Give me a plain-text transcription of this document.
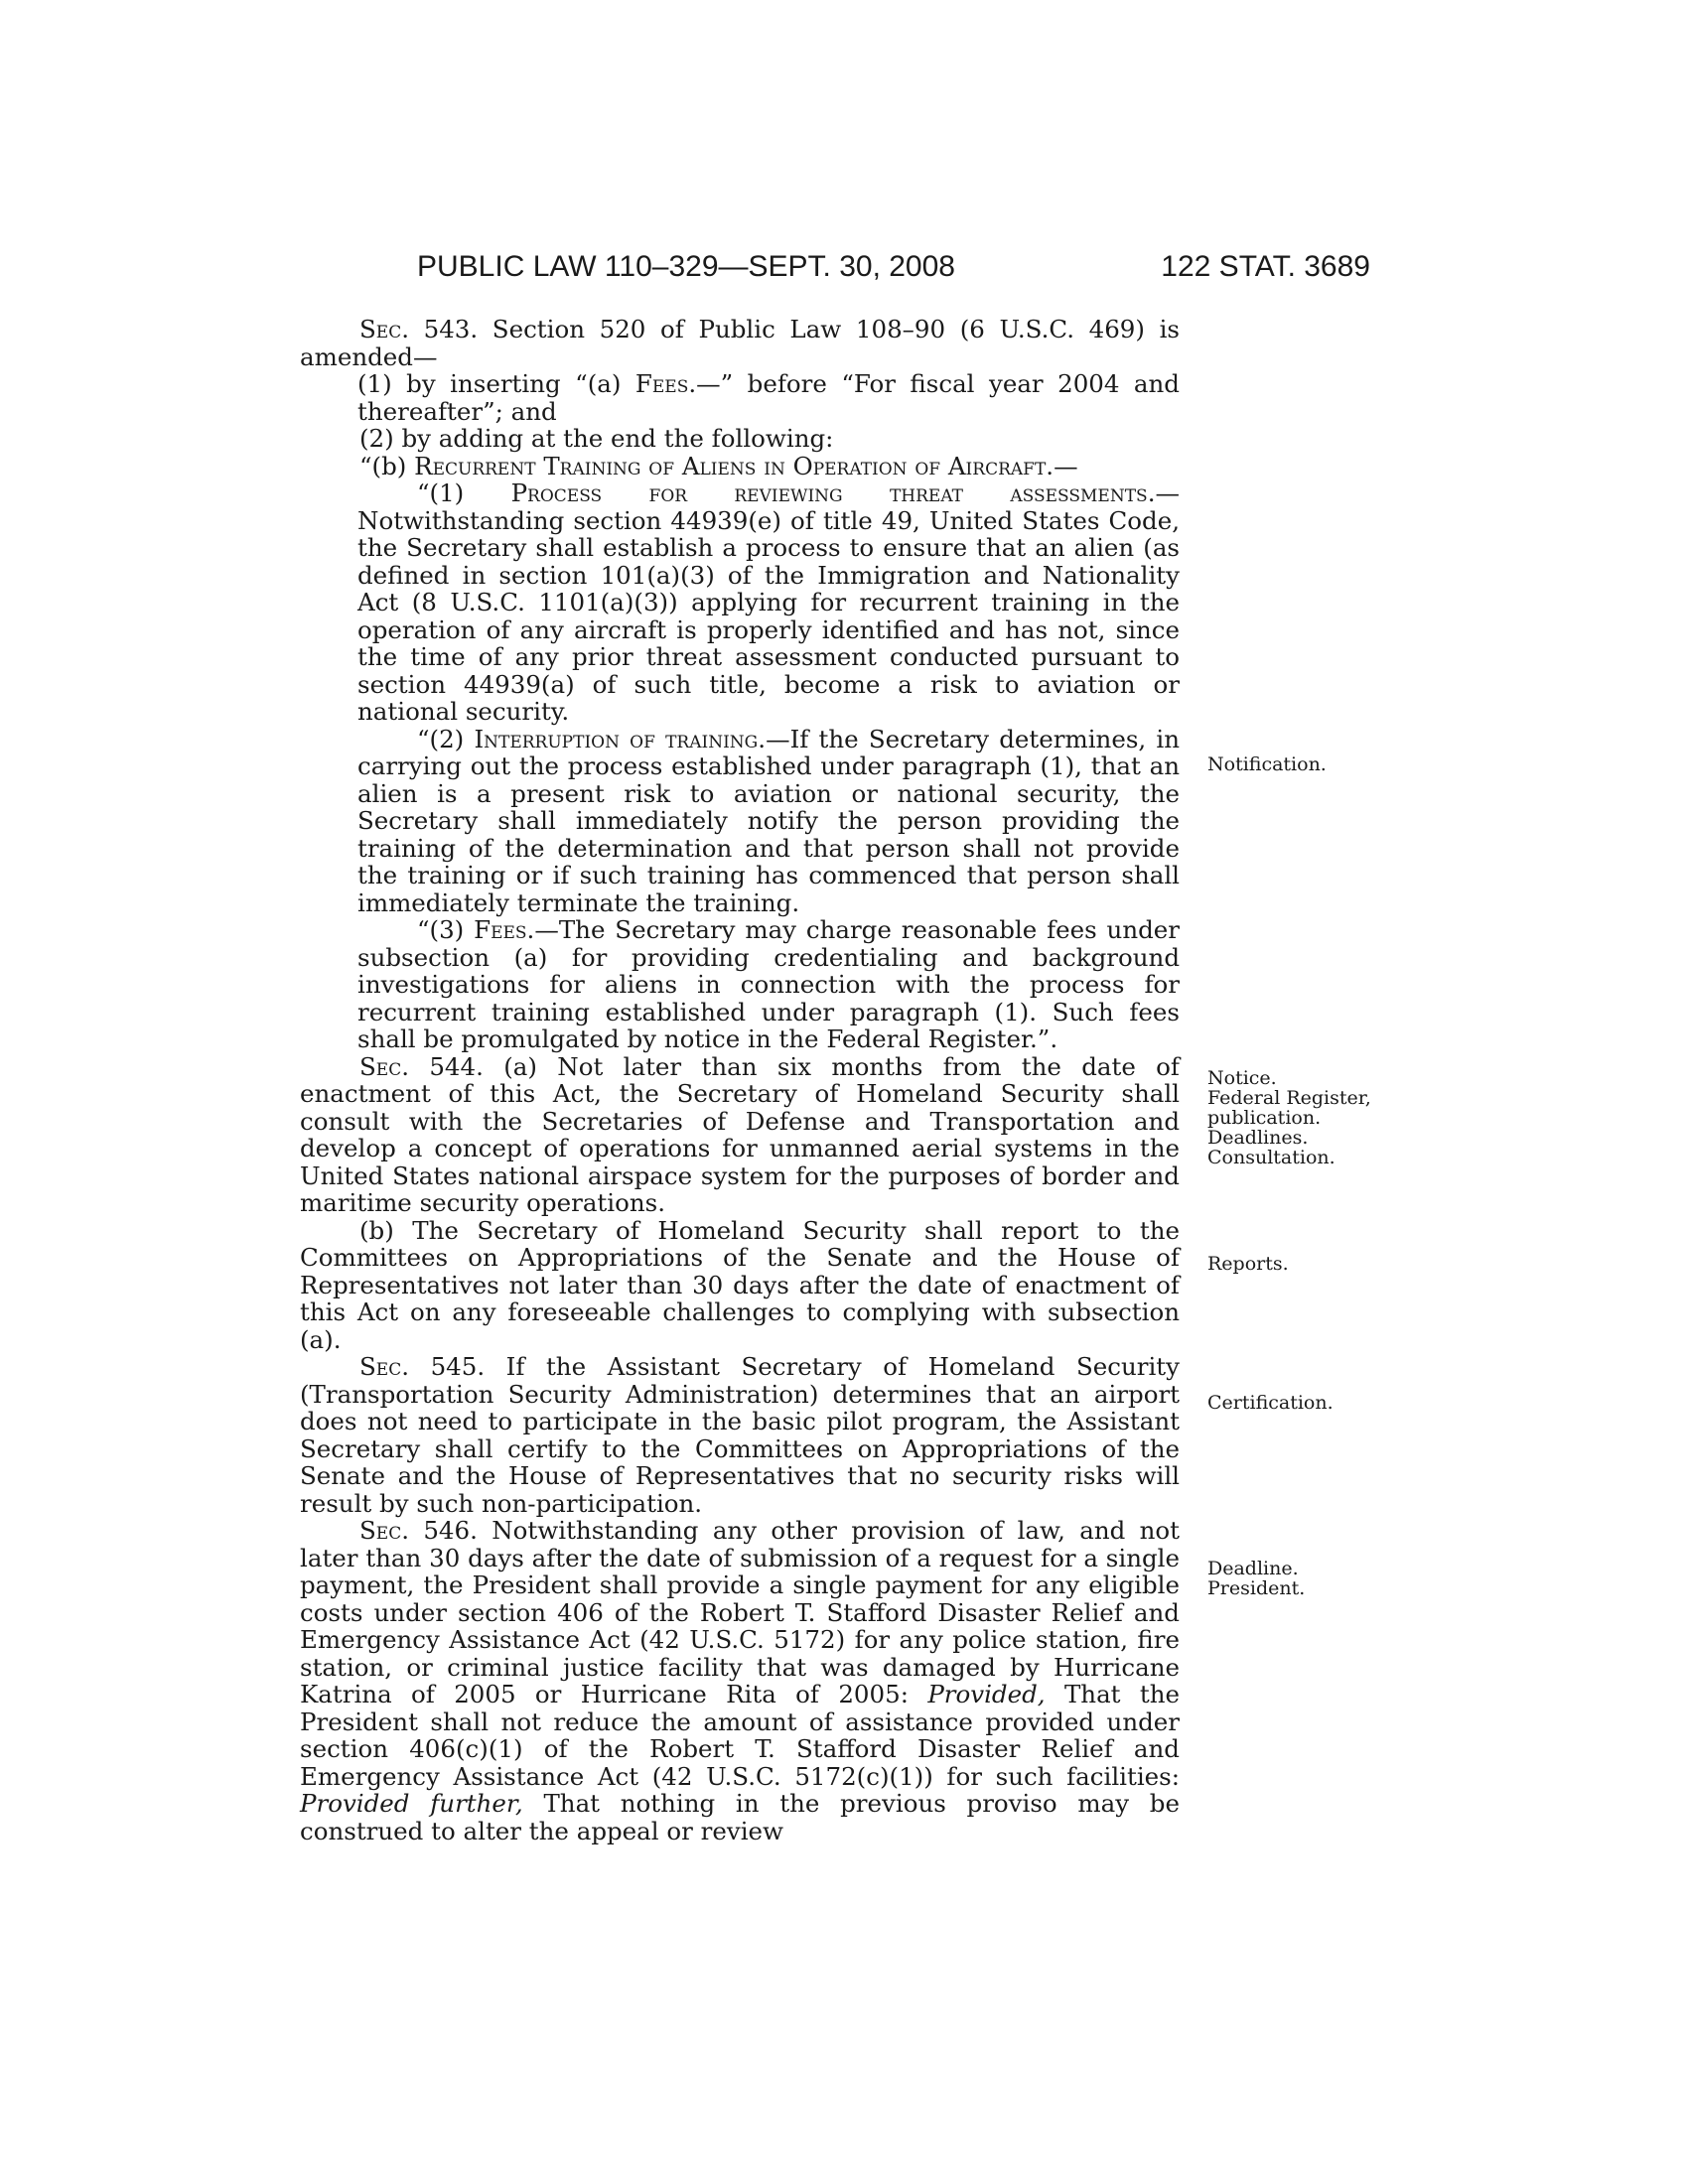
PUBLIC LAW 110–329—SEPT. 30, 2008	122 STAT. 3689

Sec. 543. Section 520 of Public Law 108–90 (6 U.S.C. 469) is amended—

(1) by inserting “(a) Fees.—” before “For fiscal year 2004 and thereafter”; and

(2) by adding at the end the following:

“(b) Recurrent Training of Aliens in Operation of Aircraft.—

“(1) Process for reviewing threat assessments.—Notwithstanding section 44939(e) of title 49, United States Code, the Secretary shall establish a process to ensure that an alien (as defined in section 101(a)(3) of the Immigration and Nationality Act (8 U.S.C. 1101(a)(3)) applying for recurrent training in the operation of any aircraft is properly identified and has not, since the time of any prior threat assessment conducted pursuant to section 44939(a) of such title, become a risk to aviation or national security.

“(2) Interruption of training.—If the Secretary determines, in carrying out the process established under paragraph (1), that an alien is a present risk to aviation or national security, the Secretary shall immediately notify the person providing the training of the determination and that person shall not provide the training or if such training has commenced that person shall immediately terminate the training.

“(3) Fees.—The Secretary may charge reasonable fees under subsection (a) for providing credentialing and background investigations for aliens in connection with the process for recurrent training established under paragraph (1). Such fees shall be promulgated by notice in the Federal Register.”.

Sec. 544. (a) Not later than six months from the date of enactment of this Act, the Secretary of Homeland Security shall consult with the Secretaries of Defense and Transportation and develop a concept of operations for unmanned aerial systems in the United States national airspace system for the purposes of border and maritime security operations.

(b) The Secretary of Homeland Security shall report to the Committees on Appropriations of the Senate and the House of Representatives not later than 30 days after the date of enactment of this Act on any foreseeable challenges to complying with subsection (a).

Sec. 545. If the Assistant Secretary of Homeland Security (Transportation Security Administration) determines that an airport does not need to participate in the basic pilot program, the Assistant Secretary shall certify to the Committees on Appropriations of the Senate and the House of Representatives that no security risks will result by such non-participation.

Sec. 546. Notwithstanding any other provision of law, and not later than 30 days after the date of submission of a request for a single payment, the President shall provide a single payment for any eligible costs under section 406 of the Robert T. Stafford Disaster Relief and Emergency Assistance Act (42 U.S.C. 5172) for any police station, fire station, or criminal justice facility that was damaged by Hurricane Katrina of 2005 or Hurricane Rita of 2005: Provided, That the President shall not reduce the amount of assistance provided under section 406(c)(1) of the Robert T. Stafford Disaster Relief and Emergency Assistance Act (42 U.S.C. 5172(c)(1)) for such facilities: Provided further, That nothing in the previous proviso may be construed to alter the appeal or review

Notification.
Notice.
Federal Register,
publication.
Deadlines.
Consultation.
Reports.
Certification.
Deadline.
President.
